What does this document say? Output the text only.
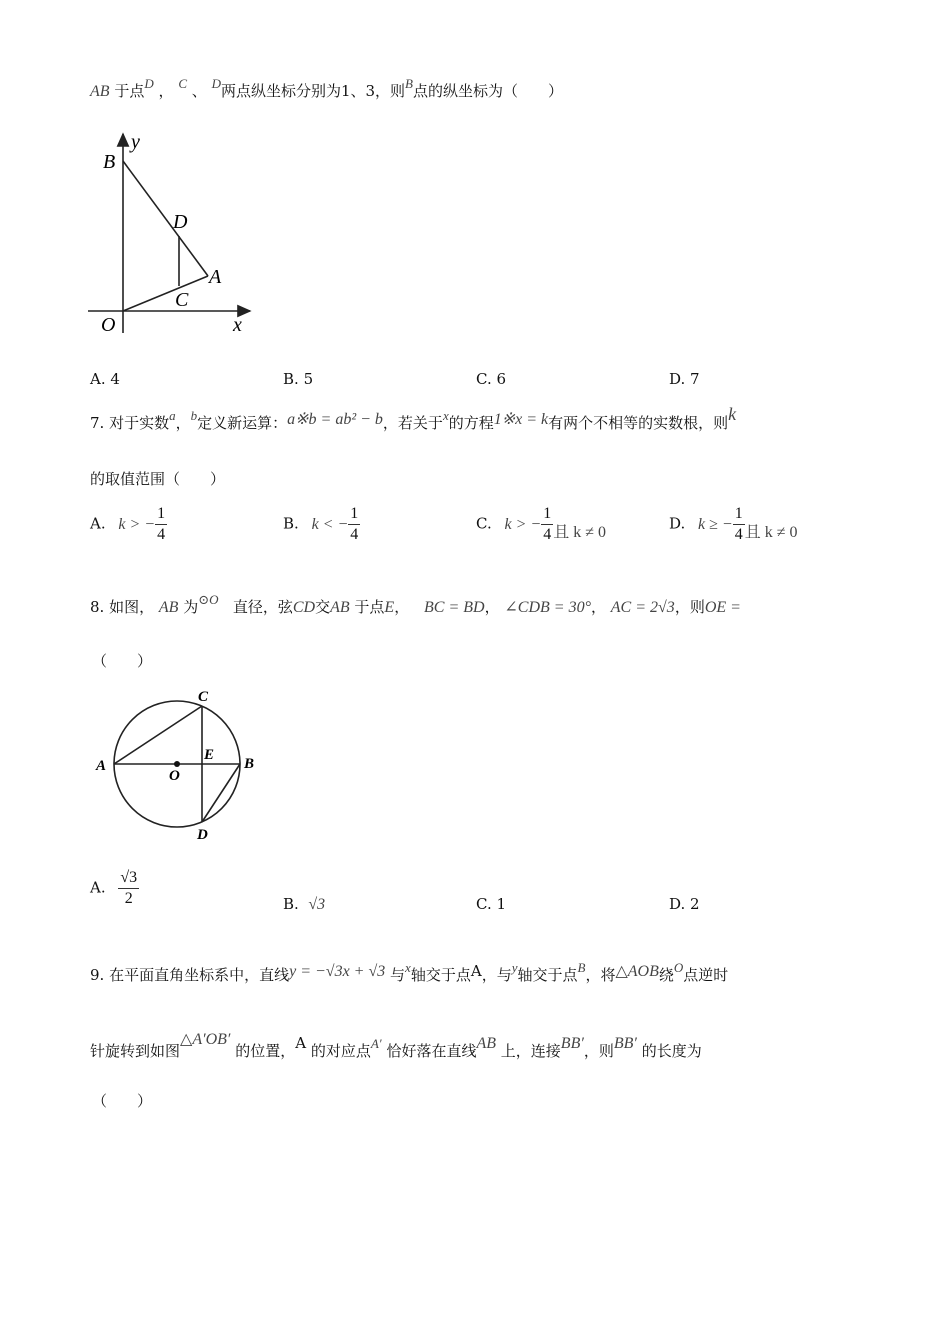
AB 于点D ， C 、 D两点纵坐标分别为1、3，则B点的纵坐标为（　　）
y
B
D
A
C
O	x
A. 4	B. 5	C. 6	D. 7
7. 对于实数a，b定义新运算：a※b = ab² − b，若关于x的方程1※x = k有两个不相等的实数根，则k
的取值范围（　　）
A. k > − $\frac{1}{4}$	B. k < − $\frac{1}{4}$	C. k > − $\frac{1}{4}$ 且 k ≠ 0	D. k ≥ − $\frac{1}{4}$ 且 k ≠ 0
8. 如图， AB 为⊙O 直径，弦CD交AB 于点E， BC = BD， ∠CDB = 30°， AC = 2√3，则OE =
（　　）
C
A
O
E
B
D
A. $\frac{√3}{2}$	B. √3	C. 1	D. 2
9. 在平面直角坐标系中，直线y = −√3x + √3 与x轴交于点A，与y轴交于点B，将△AOB绕O点逆时
针旋转到如图△A′OB′ 的位置，A 的对应点A′ 恰好落在直线AB 上，连接BB′，则BB′ 的长度为
（　　）
